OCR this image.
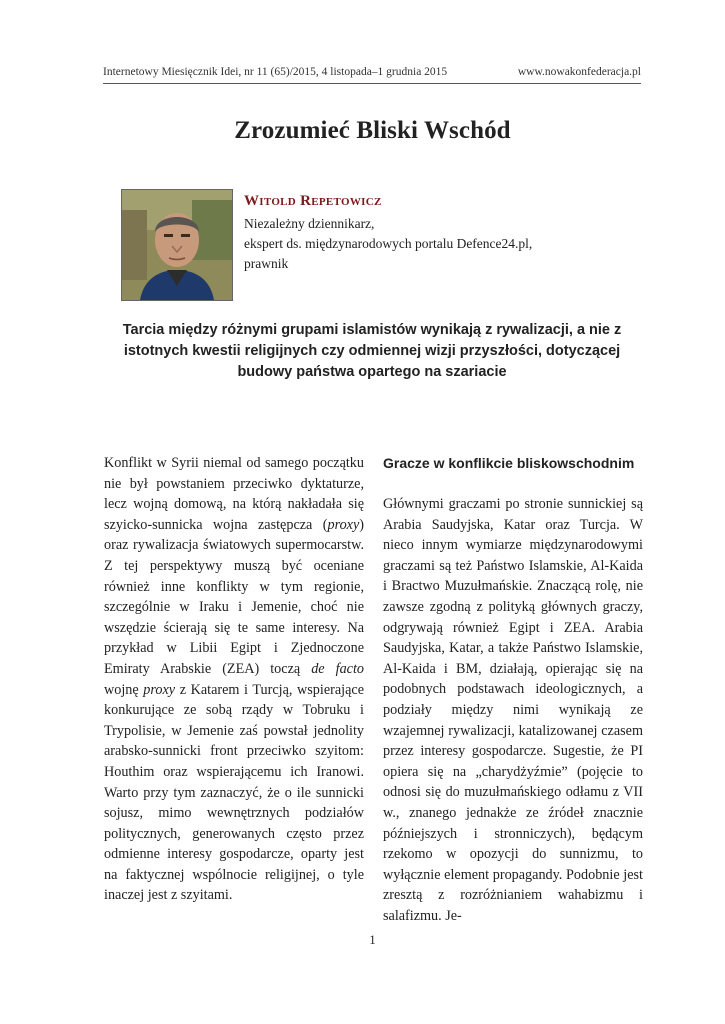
Internetowy Miesięcznik Idei, nr 11 (65)/2015, 4 listopada–1 grudnia 2015	www.nowakonfederacja.pl
Zrozumieć Bliski Wschód
Witold Repetowicz
Niezależny dziennikarz,
ekspert ds. międzynarodowych portalu Defence24.pl,
prawnik
Tarcia między różnymi grupami islamistów wynikają z rywalizacji, a nie z istotnych kwestii religijnych czy odmiennej wizji przyszłości, dotyczącej budowy państwa opartego na szariacie

Konflikt w Syrii niemal od samego początku nie był powstaniem przeciwko dyktaturze, lecz wojną domową, na którą nakładała się szyicko-sunnicka wojna zastępcza (proxy) oraz rywalizacja światowych supermocarstw. Z tej perspektywy muszą być oceniane również inne konflikty w tym regionie, szczególnie w Iraku i Jemenie, choć nie wszędzie ścierają się te same interesy. Na przykład w Libii Egipt i Zjednoczone Emiraty Arabskie (ZEA) toczą de facto wojnę proxy z Katarem i Turcją, wspierające konkurujące ze sobą rządy w Tobruku i Trypolisie, w Jemenie zaś powstał jednolity arabsko-sunnicki front przeciwko szyitom: Houthim oraz wspierającemu ich Iranowi. Warto przy tym zaznaczyć, że o ile sunnicki sojusz, mimo wewnętrznych podziałów politycznych, generowanych często przez odmienne interesy gospodarcze, oparty jest na faktycznej wspólnocie religijnej, o tyle inaczej jest z szyitami.

Gracze w konflikcie bliskowschodnim

Głównymi graczami po stronie sunnickiej są Arabia Saudyjska, Katar oraz Turcja. W nieco innym wymiarze międzynarodowymi graczami są też Państwo Islamskie, Al-Kaida i Bractwo Muzułmańskie. Znaczącą rolę, nie zawsze zgodną z polityką głównych graczy, odgrywają również Egipt i ZEA. Arabia Saudyjska, Katar, a także Państwo Islamskie, Al-Kaida i BM, działają, opierając się na podobnych podstawach ideologicznych, a podziały między nimi wynikają ze wzajemnej rywalizacji, katalizowanej czasem przez interesy gospodarcze. Sugestie, że PI opiera się na „charydżyźmie” (pojęcie to odnosi się do muzułmańskiego odłamu z VII w., znanego jednakże ze źródeł znacznie późniejszych i stronniczych), będącym rzekomo w opozycji do sunnizmu, to wyłącznie element propagandy. Podobnie jest zresztą z rozróżnianiem wahabizmu i salafizmu. Je-

1
